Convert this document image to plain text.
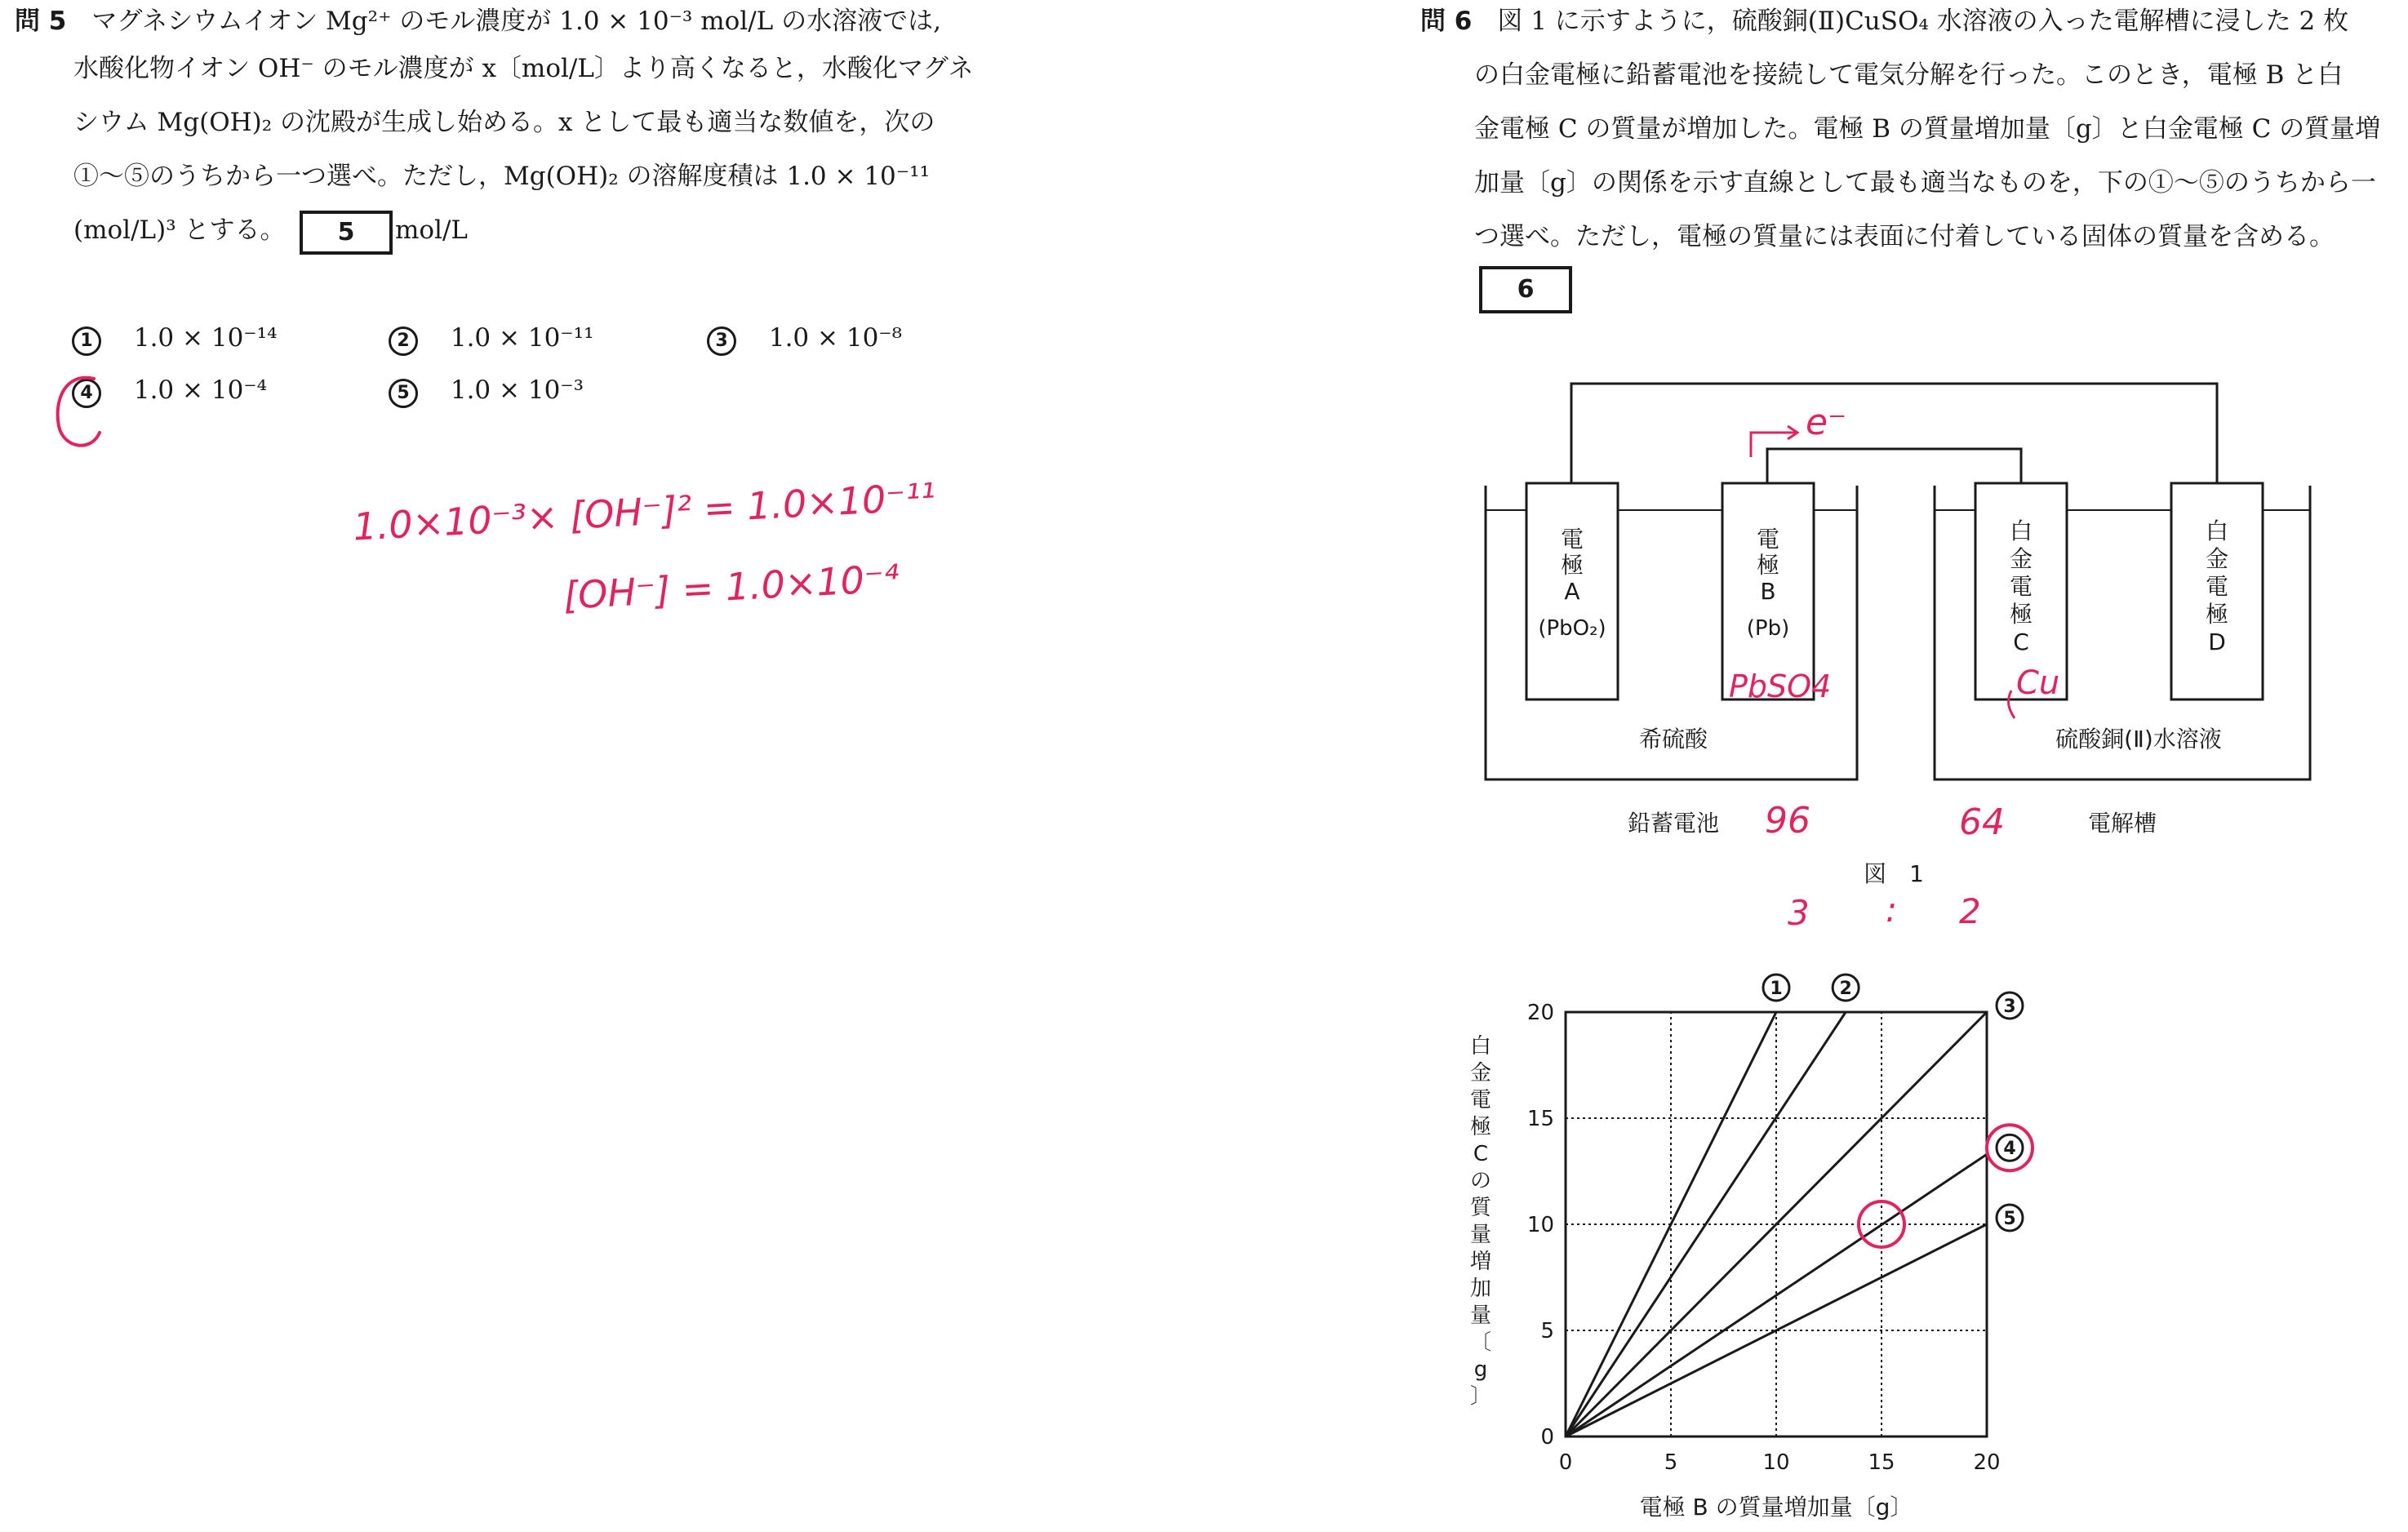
問 5　 マグネシウムイオン Mg²⁺ のモル濃度が 1.0 × 10⁻³ mol/L の水溶液では,
水酸化物イオン OH⁻ のモル濃度が x〔mol/L〕より高くなると，水酸化マグネ
シウム Mg(OH)₂ の沈殿が生成し始める。x として最も適当な数値を，次の
①〜⑤のうちから一つ選べ。ただし，Mg(OH)₂ の溶解度積は 1.0 × 10⁻¹¹
(mol/L)³ とする。	5	mol/L
1 1.0 × 10⁻¹⁴	2 1.0 × 10⁻¹¹	3 1.0 × 10⁻⁸
4 1.0 × 10⁻⁴	5 1.0 × 10⁻³
1.0×10⁻³× [OH⁻]² = 1.0×10⁻¹¹
[OH⁻] = 1.0×10⁻⁴
問 6　 図 1 に示すように，硫酸銅(Ⅱ)CuSO₄ 水溶液の入った電解槽に浸した 2 枚
の白金電極に鉛蓄電池を接続して電気分解を行った。このとき，電極 B と白
金電極 C の質量が増加した。電極 B の質量増加量〔g〕と白金電極 C の質量増
加量〔g〕の関係を示す直線として最も適当なものを，下の①〜⑤のうちから一
つ選べ。ただし，電極の質量には表面に付着している固体の質量を含める。
6
電
極
A
(PbO₂)
電
極
B
(Pb)
白
金
電
極
C
白
金
電
極
D
希硫酸	硫酸銅(Ⅱ)水溶液
鉛蓄電池	電解槽
図　1
e⁻
PbSO4	Cu
96	64
3 : 2
1	2
3
4
5
0	5	10	15	20
0
5
10
15
20
電極 B の質量増加量〔g〕
白
金
電
極
C
の
質
量
増
加
量
〔
g
〕
